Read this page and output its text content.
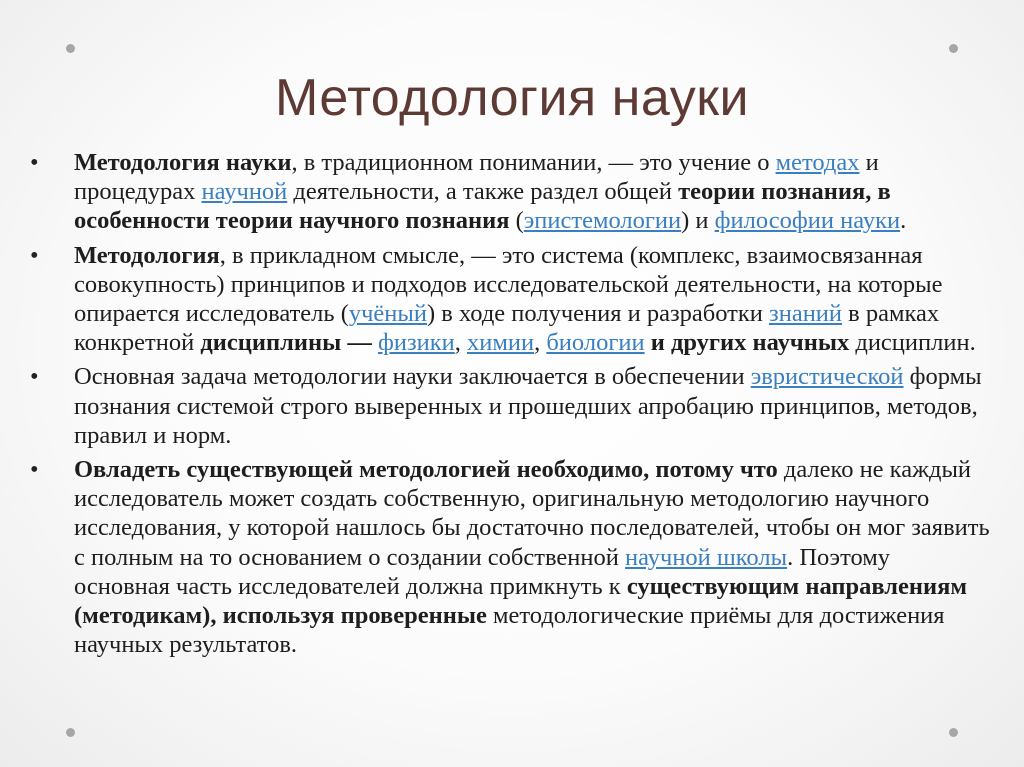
Методология науки
•	Методология науки, в традиционном понимании, — это учение о методах и процедурах научной деятельности, а также раздел общей теории познания, в особенности теории научного познания (эпистемологии) и философии науки.
•	Методология, в прикладном смысле, — это система (комплекс, взаимосвязанная совокупность) принципов и подходов исследовательской деятельности, на которые опирается исследователь (учёный) в ходе получения и разработки знаний в рамках конкретной дисциплины — физики, химии, биологии и других научных дисциплин.
•	Основная задача методологии науки заключается в обеспечении эвристической формы познания системой строго выверенных и прошедших апробацию принципов, методов, правил и норм.
•	Овладеть существующей методологией необходимо, потому что далеко не каждый исследователь может создать собственную, оригинальную методологию научного исследования, у которой нашлось бы достаточно последователей, чтобы он мог заявить с полным на то основанием о создании собственной научной школы. Поэтому основная часть исследователей должна примкнуть к существующим направлениям (методикам), используя проверенные методологические приёмы для достижения научных результатов.
